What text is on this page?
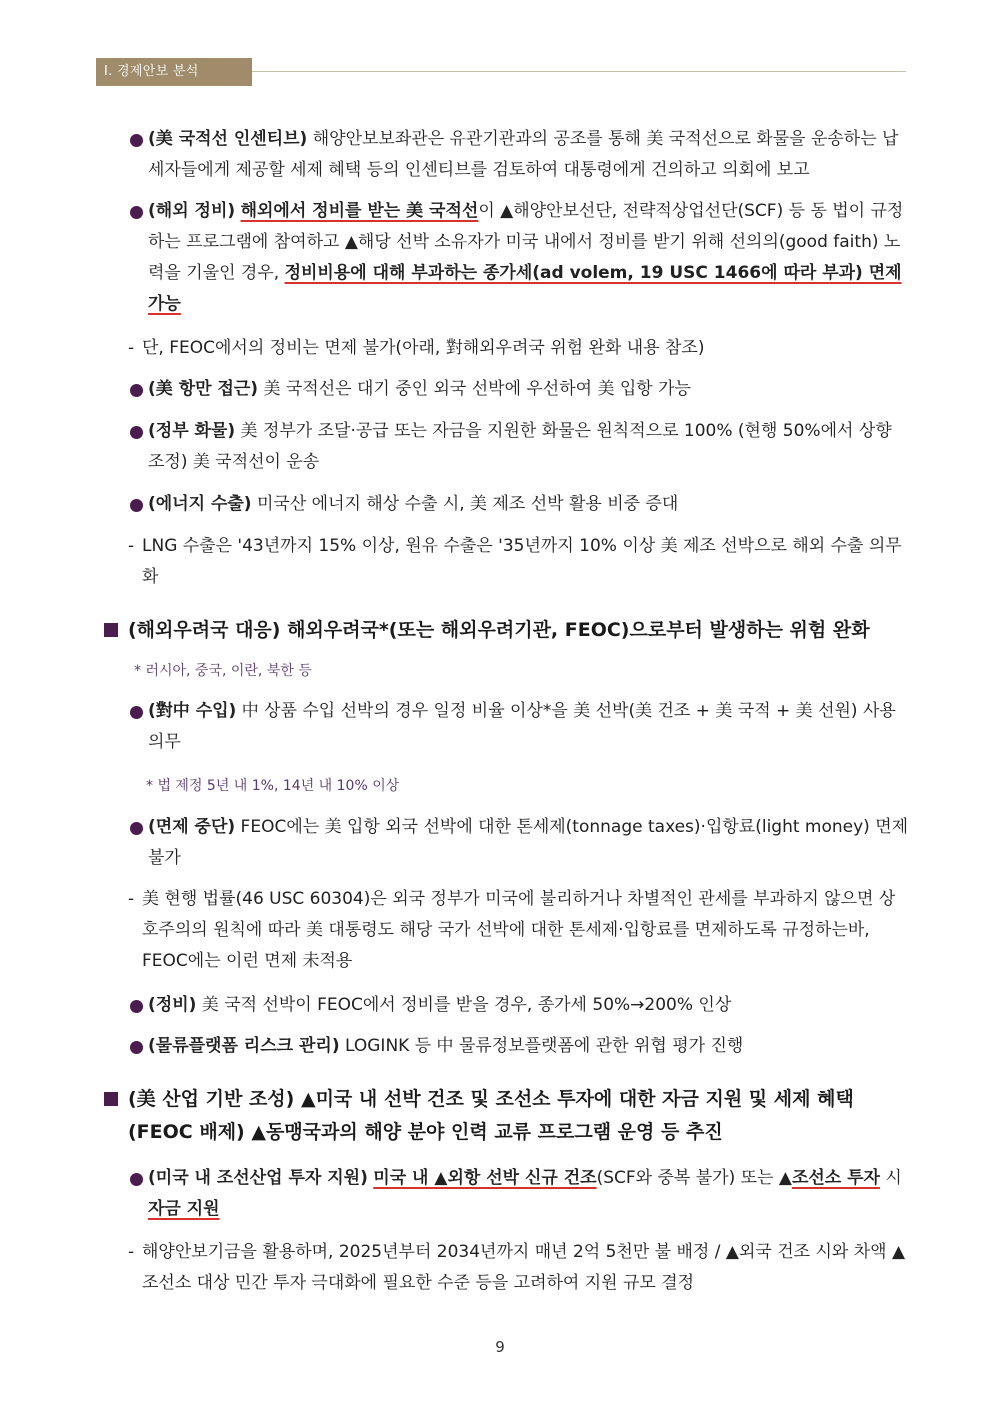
Ⅰ. 경제안보 분석
(美 국적선 인센티브) 해양안보보좌관은 유관기관과의 공조를 통해 美 국적선으로 화물을 운송하는 납세자들에게 제공할 세제 혜택 등의 인센티브를 검토하여 대통령에게 건의하고 의회에 보고
(해외 정비) 해외에서 정비를 받는 美 국적선이 ▲해양안보선단, 전략적상업선단(SCF) 등 동 법이 규정하는 프로그램에 참여하고 ▲해당 선박 소유자가 미국 내에서 정비를 받기 위해 선의의(good faith) 노력을 기울인 경우, 정비비용에 대해 부과하는 종가세(ad volem, 19 USC 1466에 따라 부과) 면제 가능
- 단, FEOC에서의 정비는 면제 불가(아래, 對해외우려국 위험 완화 내용 참조)
(美 항만 접근) 美 국적선은 대기 중인 외국 선박에 우선하여 美 입항 가능
(정부 화물) 美 정부가 조달·공급 또는 자금을 지원한 화물은 원칙적으로 100% (현행 50%에서 상향 조정) 美 국적선이 운송
(에너지 수출) 미국산 에너지 해상 수출 시, 美 제조 선박 활용 비중 증대
- LNG 수출은 '43년까지 15% 이상, 원유 수출은 '35년까지 10% 이상 美 제조 선박으로 해외 수출 의무화
(해외우려국 대응) 해외우려국*(또는 해외우려기관, FEOC)으로부터 발생하는 위험 완화
* 러시아, 중국, 이란, 북한 등
(對中 수입) 中 상품 수입 선박의 경우 일정 비율 이상*을 美 선박(美 건조 + 美 국적 + 美 선원) 사용 의무
* 법 제정 5년 내 1%, 14년 내 10% 이상
(면제 중단) FEOC에는 美 입항 외국 선박에 대한 톤세제(tonnage taxes)·입항료(light money) 면제 불가
- 美 현행 법률(46 USC 60304)은 외국 정부가 미국에 불리하거나 차별적인 관세를 부과하지 않으면 상호주의의 원칙에 따라 美 대통령도 해당 국가 선박에 대한 톤세제·입항료를 면제하도록 규정하는바, FEOC에는 이런 면제 未적용
(정비) 美 국적 선박이 FEOC에서 정비를 받을 경우, 종가세 50%→200% 인상
(물류플랫폼 리스크 관리) LOGINK 등 中 물류정보플랫폼에 관한 위협 평가 진행
(美 산업 기반 조성) ▲미국 내 선박 건조 및 조선소 투자에 대한 자금 지원 및 세제 혜택 (FEOC 배제) ▲동맹국과의 해양 분야 인력 교류 프로그램 운영 등 추진
(미국 내 조선산업 투자 지원) 미국 내 ▲외항 선박 신규 건조(SCF와 중복 불가) 또는 ▲조선소 투자 시 자금 지원
- 해양안보기금을 활용하며, 2025년부터 2034년까지 매년 2억 5천만 불 배정 / ▲외국 건조 시와 차액 ▲조선소 대상 민간 투자 극대화에 필요한 수준 등을 고려하여 지원 규모 결정
9
